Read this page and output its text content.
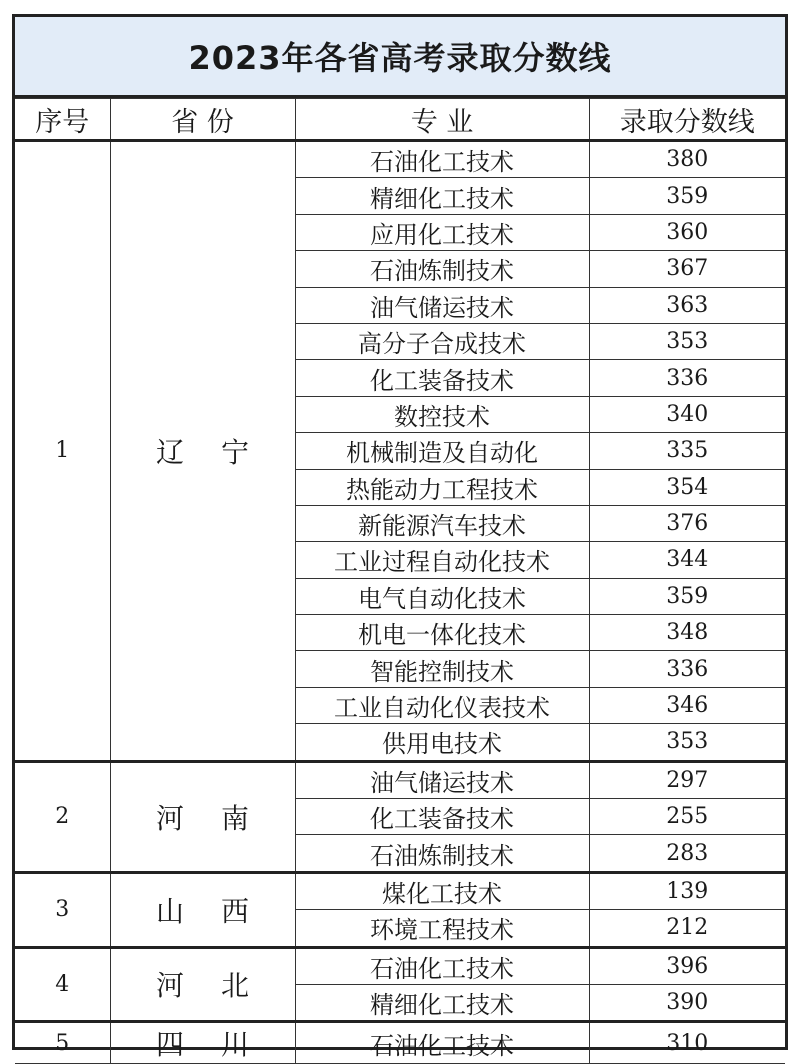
2023年各省高考录取分数线
序号	省 份	专 业	录取分数线
1	辽 宁	石油化工技术	380
		精细化工技术	359
		应用化工技术	360
		石油炼制技术	367
		油气储运技术	363
		高分子合成技术	353
		化工装备技术	336
		数控技术	340
		机械制造及自动化	335
		热能动力工程技术	354
		新能源汽车技术	376
		工业过程自动化技术	344
		电气自动化技术	359
		机电一体化技术	348
		智能控制技术	336
		工业自动化仪表技术	346
		供用电技术	353
2	河 南	油气储运技术	297
		化工装备技术	255
		石油炼制技术	283
3	山 西	煤化工技术	139
		环境工程技术	212
4	河 北	石油化工技术	396
		精细化工技术	390
5	四 川	石油化工技术	310
